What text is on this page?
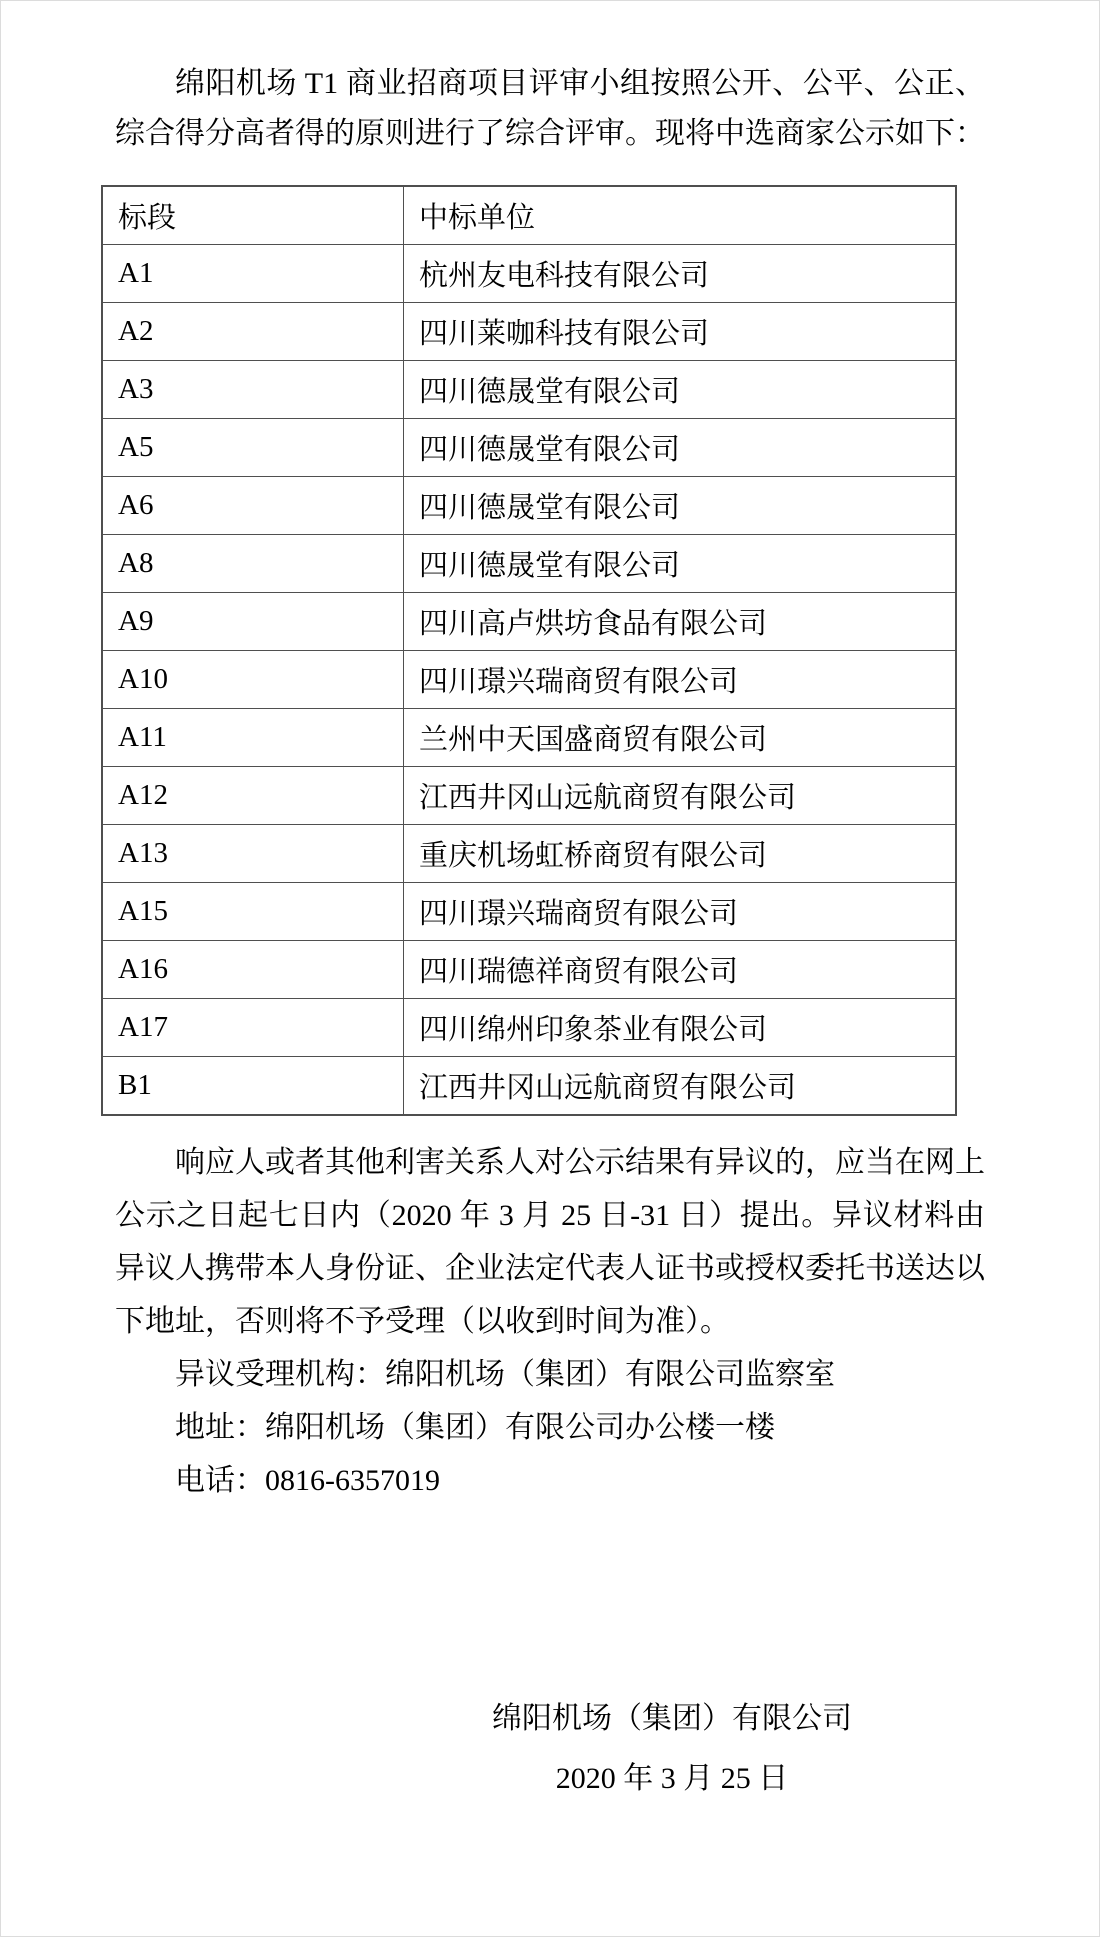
绵阳机场 T1 商业招商项目评审小组按照公开、公平、公正、综合得分高者得的原则进行了综合评审。现将中选商家公示如下：

标段	中标单位
A1	杭州友电科技有限公司
A2	四川莱咖科技有限公司
A3	四川德晟堂有限公司
A5	四川德晟堂有限公司
A6	四川德晟堂有限公司
A8	四川德晟堂有限公司
A9	四川高卢烘坊食品有限公司
A10	四川璟兴瑞商贸有限公司
A11	兰州中天国盛商贸有限公司
A12	江西井冈山远航商贸有限公司
A13	重庆机场虹桥商贸有限公司
A15	四川璟兴瑞商贸有限公司
A16	四川瑞德祥商贸有限公司
A17	四川绵州印象茶业有限公司
B1	江西井冈山远航商贸有限公司

响应人或者其他利害关系人对公示结果有异议的，应当在网上公示之日起七日内（2020 年 3 月 25 日-31 日）提出。异议材料由异议人携带本人身份证、企业法定代表人证书或授权委托书送达以下地址，否则将不予受理（以收到时间为准）。

异议受理机构：绵阳机场（集团）有限公司监察室

地址：绵阳机场（集团）有限公司办公楼一楼

电话：0816-6357019

绵阳机场（集团）有限公司
2020 年 3 月 25 日
